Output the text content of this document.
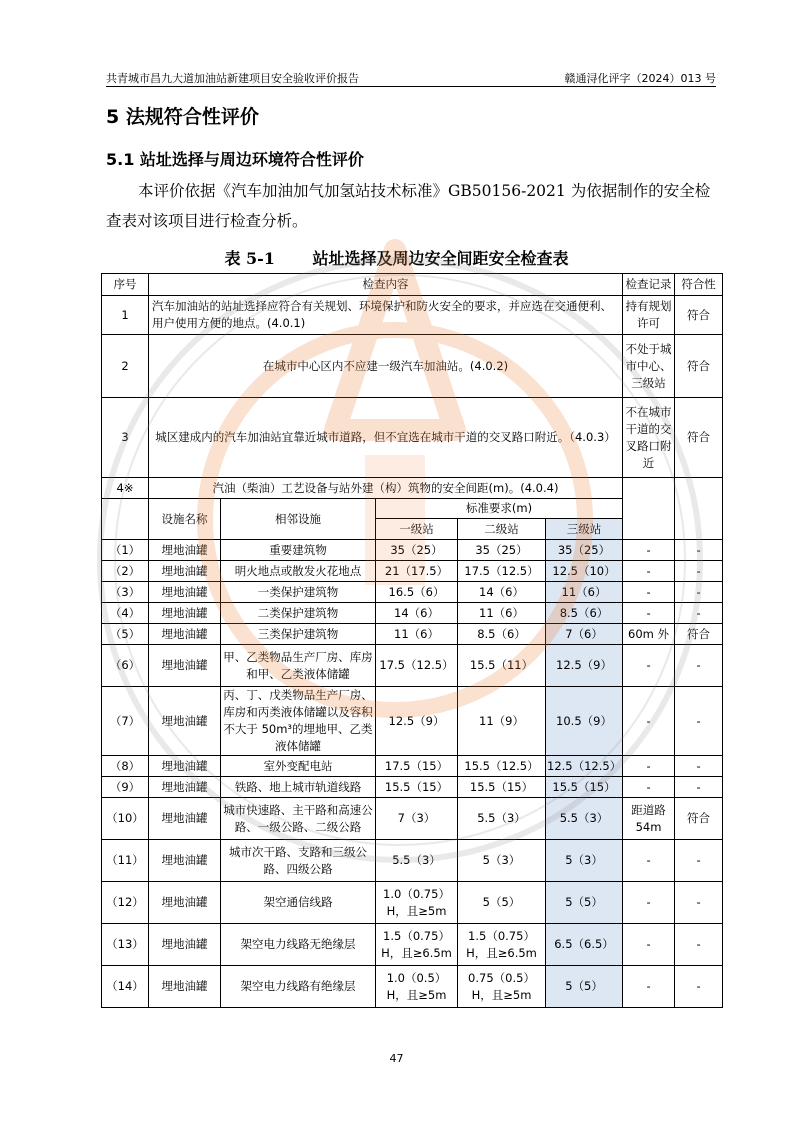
共青城市昌九大道加油站新建项目安全验收评价报告	赣通浔化评字（2024）013 号
5 法规符合性评价
5.1 站址选择与周边环境符合性评价
本评价依据《汽车加油加气加氢站技术标准》GB50156-2021 为依据制作的安全检查表对该项目进行检查分析。
表 5-1 站址选择及周边安全间距安全检查表
序号	检查内容					检查记录	符合性
1	汽车加油站的站址选择应符合有关规划、环境保护和防火安全的要求，并应选在交通便利、用户使用方便的地点。(4.0.1)					持有规划许可	符合
2	在城市中心区内不应建一级汽车加油站。(4.0.2)					不处于城市中心、三级站	符合
3	城区建成内的汽车加油站宜靠近城市道路，但不宜选在城市干道的交叉路口附近。（4.0.3）					不在城市干道的交叉路口附近	符合
4※	汽油（柴油）工艺设备与站外建（构）筑物的安全间距(m)。(4.0.4)						
	设施名称	相邻设施	标准要求(m)				
			一级站	二级站	三级站		
（1）	埋地油罐	重要建筑物	35（25）	35（25）	35（25）	-	-
（2）	埋地油罐	明火地点或散发火花地点	21（17.5）	17.5（12.5）	12.5（10）	-	-
（3）	埋地油罐	一类保护建筑物	16.5（6）	14（6）	11（6）	-	-
（4）	埋地油罐	二类保护建筑物	14（6）	11（6）	8.5（6）	-	-
（5）	埋地油罐	三类保护建筑物	11（6）	8.5（6）	7（6）	60m 外	符合
（6）	埋地油罐	甲、乙类物品生产厂房、库房和甲、乙类液体储罐	17.5（12.5）	15.5（11）	12.5（9）	-	-
（7）	埋地油罐	丙、丁、戊类物品生产厂房、库房和丙类液体储罐以及容积不大于 50m³的埋地甲、乙类液体储罐	12.5（9）	11（9）	10.5（9）	-	-
（8）	埋地油罐	室外变配电站	17.5（15）	15.5（12.5）	12.5（12.5）	-	-
（9）	埋地油罐	铁路、地上城市轨道线路	15.5（15）	15.5（15）	15.5（15）	-	-
（10）	埋地油罐	城市快速路、主干路和高速公路、一级公路、二级公路	7（3）	5.5（3）	5.5（3）	距道路 54m	符合
（11）	埋地油罐	城市次干路、支路和三级公路、四级公路	5.5（3）	5（3）	5（3）	-	-
（12）	埋地油罐	架空通信线路	1.0（0.75）H，且≥5m	5（5）	5（5）	-	-
（13）	埋地油罐	架空电力线路无绝缘层	1.5（0.75）H，且≥6.5m	1.5（0.75）H，且≥6.5m	6.5（6.5）	-	-
（14）	埋地油罐	架空电力线路有绝缘层	1.0（0.5）H，且≥5m	0.75（0.5）H，且≥5m	5（5）	-	-
47
